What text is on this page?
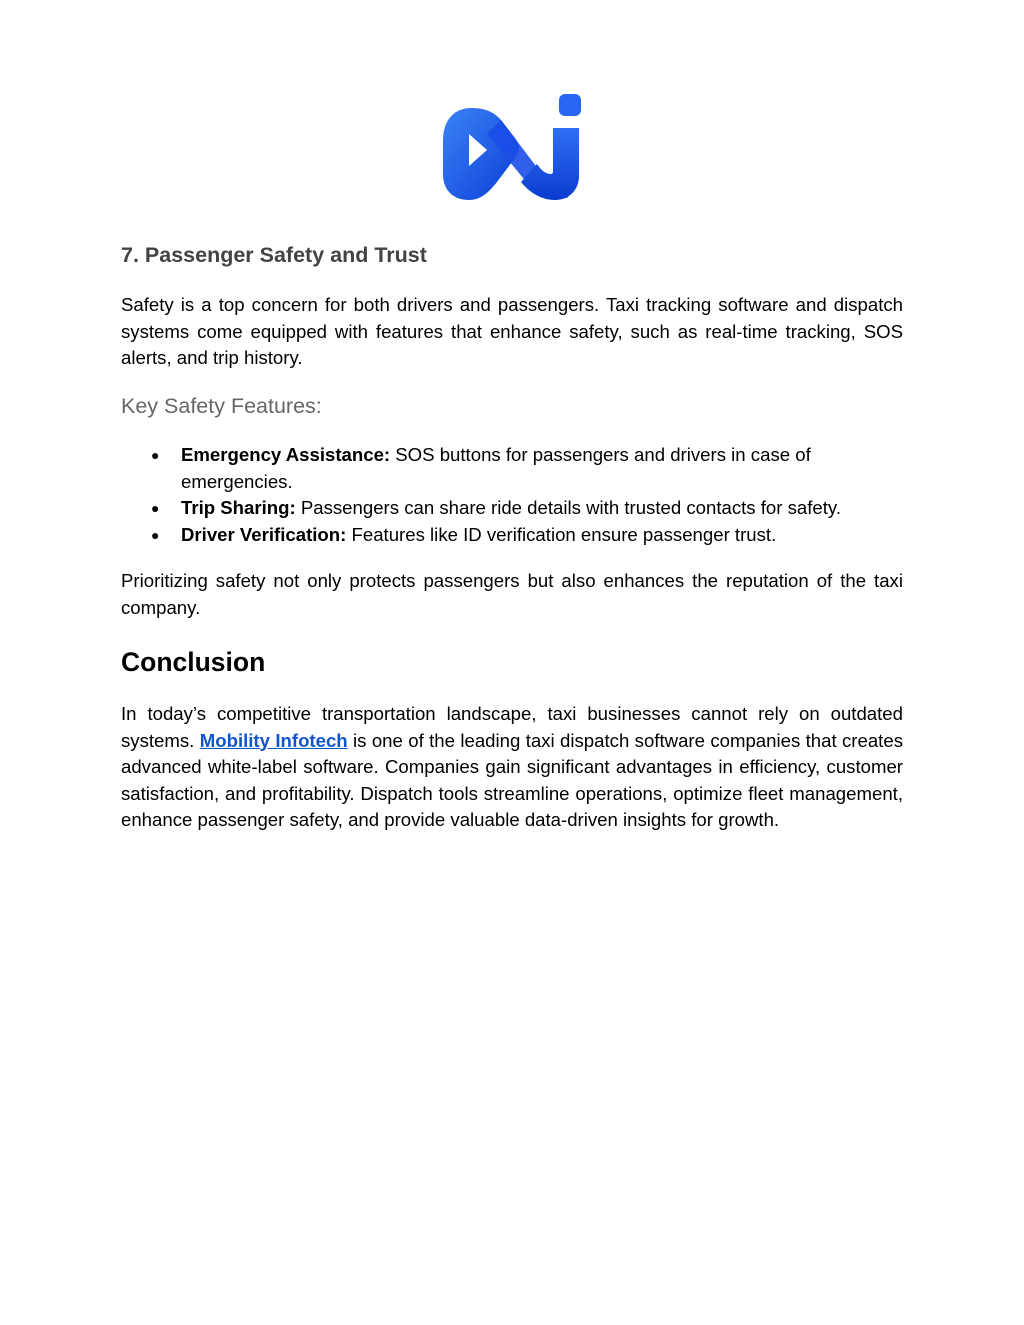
7. Passenger Safety and Trust

Safety is a top concern for both drivers and passengers. Taxi tracking software and dispatch systems come equipped with features that enhance safety, such as real-time tracking, SOS alerts, and trip history.

Key Safety Features:
● Emergency Assistance: SOS buttons for passengers and drivers in case of emergencies.
● Trip Sharing: Passengers can share ride details with trusted contacts for safety.
● Driver Verification: Features like ID verification ensure passenger trust.

Prioritizing safety not only protects passengers but also enhances the reputation of the taxi company.

Conclusion

In today’s competitive transportation landscape, taxi businesses cannot rely on outdated systems. Mobility Infotech is one of the leading taxi dispatch software companies that creates advanced white-label software. Companies gain significant advantages in efficiency, customer satisfaction, and profitability. Dispatch tools streamline operations, optimize fleet management, enhance passenger safety, and provide valuable data-driven insights for growth.
